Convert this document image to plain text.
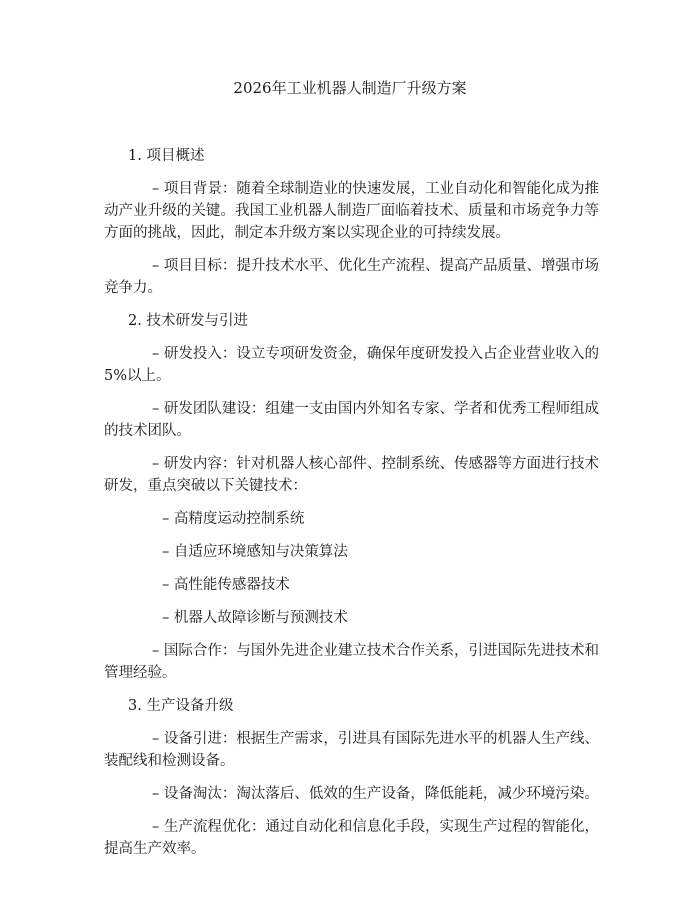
2026年工业机器人制造厂升级方案
1. 项目概述

– 项目背景：随着全球制造业的快速发展，工业自动化和智能化成为推动产业升级的关键。我国工业机器人制造厂面临着技术、质量和市场竞争力等方面的挑战，因此，制定本升级方案以实现企业的可持续发展。

– 项目目标：提升技术水平、优化生产流程、提高产品质量、增强市场竞争力。

2. 技术研发与引进

– 研发投入：设立专项研发资金，确保年度研发投入占企业营业收入的5%以上。

– 研发团队建设：组建一支由国内外知名专家、学者和优秀工程师组成的技术团队。

– 研发内容：针对机器人核心部件、控制系统、传感器等方面进行技术研发，重点突破以下关键技术：

– 高精度运动控制系统
– 自适应环境感知与决策算法
– 高性能传感器技术
– 机器人故障诊断与预测技术

– 国际合作：与国外先进企业建立技术合作关系，引进国际先进技术和管理经验。

3. 生产设备升级

– 设备引进：根据生产需求，引进具有国际先进水平的机器人生产线、装配线和检测设备。

– 设备淘汰：淘汰落后、低效的生产设备，降低能耗，减少环境污染。

– 生产流程优化：通过自动化和信息化手段，实现生产过程的智能化，提高生产效率。
